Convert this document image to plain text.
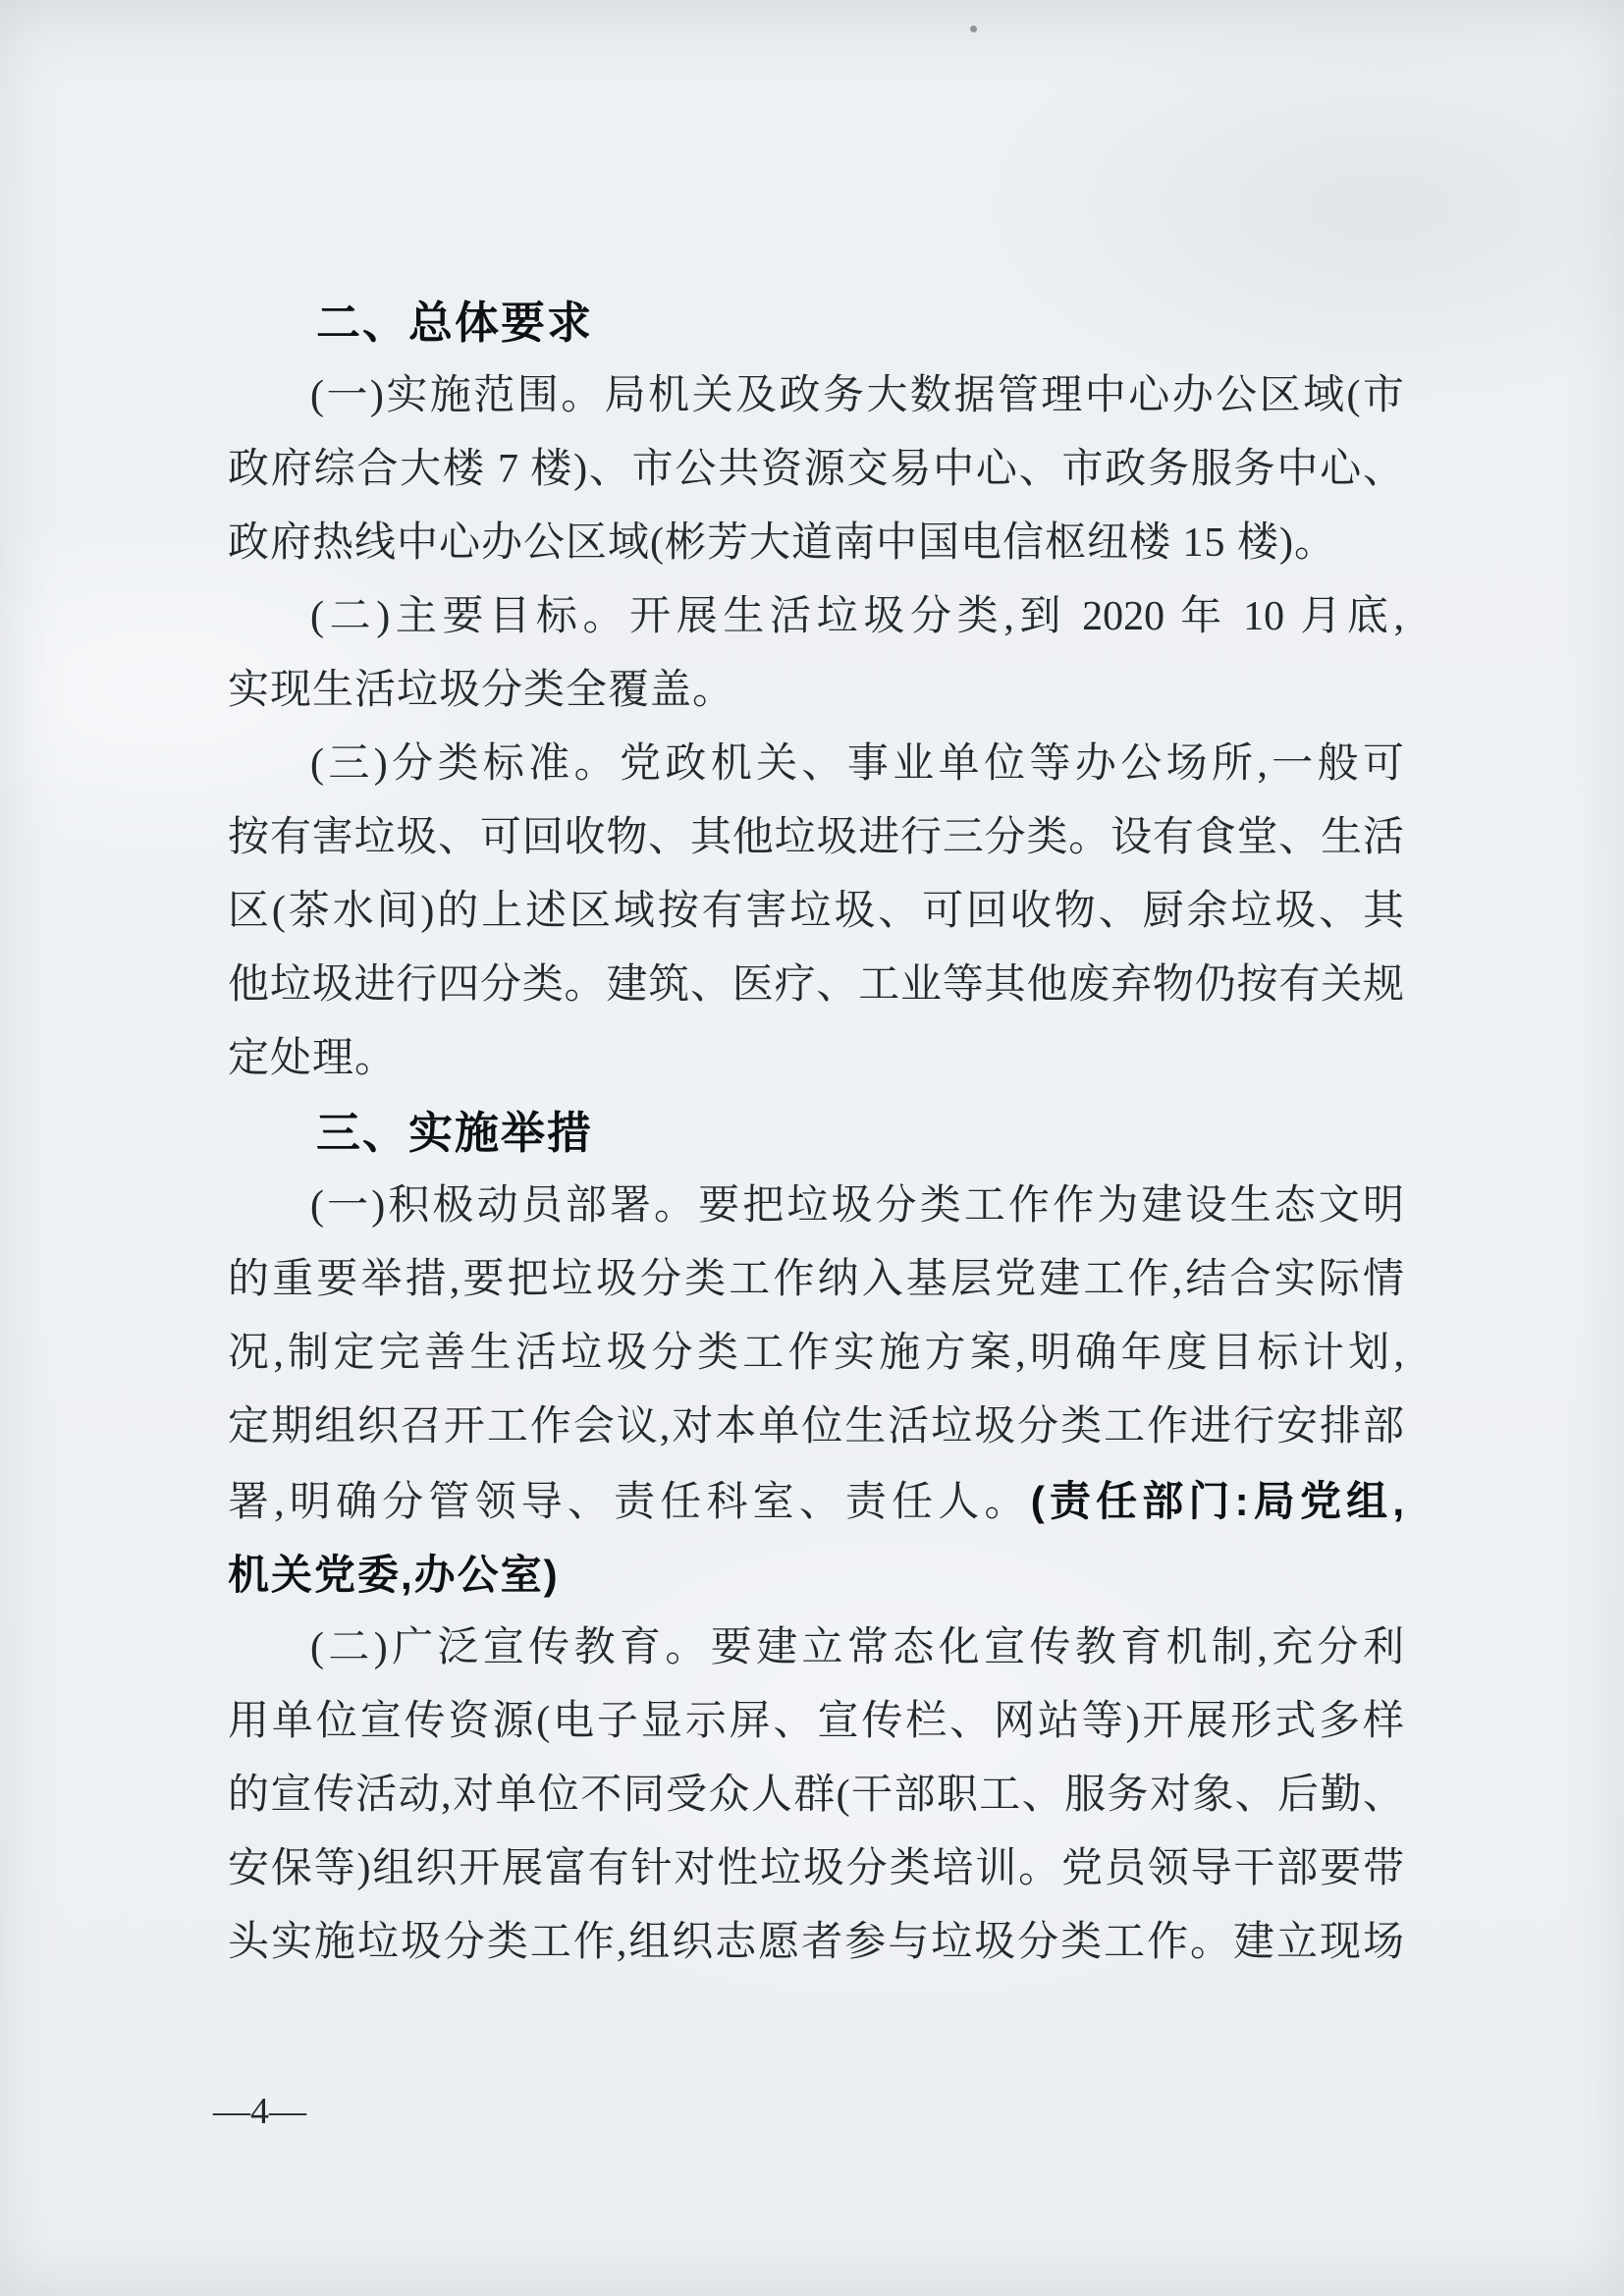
二、总体要求
(一)实施范围。局机关及政务大数据管理中心办公区域(市
政府综合大楼 7 楼)、市公共资源交易中心、市政务服务中心、
政府热线中心办公区域(彬芳大道南中国电信枢纽楼 15 楼)。
(二)主要目标。开展生活垃圾分类,到 2020 年 10 月底,
实现生活垃圾分类全覆盖。
(三)分类标准。党政机关、事业单位等办公场所,一般可
按有害垃圾、可回收物、其他垃圾进行三分类。设有食堂、生活
区(茶水间)的上述区域按有害垃圾、可回收物、厨余垃圾、其
他垃圾进行四分类。建筑、医疗、工业等其他废弃物仍按有关规
定处理。
三、实施举措
(一)积极动员部署。要把垃圾分类工作作为建设生态文明
的重要举措,要把垃圾分类工作纳入基层党建工作,结合实际情
况,制定完善生活垃圾分类工作实施方案,明确年度目标计划,
定期组织召开工作会议,对本单位生活垃圾分类工作进行安排部
署,明确分管领导、责任科室、责任人。(责任部门:局党组,
机关党委,办公室)
(二)广泛宣传教育。要建立常态化宣传教育机制,充分利
用单位宣传资源(电子显示屏、宣传栏、网站等)开展形式多样
的宣传活动,对单位不同受众人群(干部职工、服务对象、后勤、
安保等)组织开展富有针对性垃圾分类培训。党员领导干部要带
头实施垃圾分类工作,组织志愿者参与垃圾分类工作。建立现场
—4—
